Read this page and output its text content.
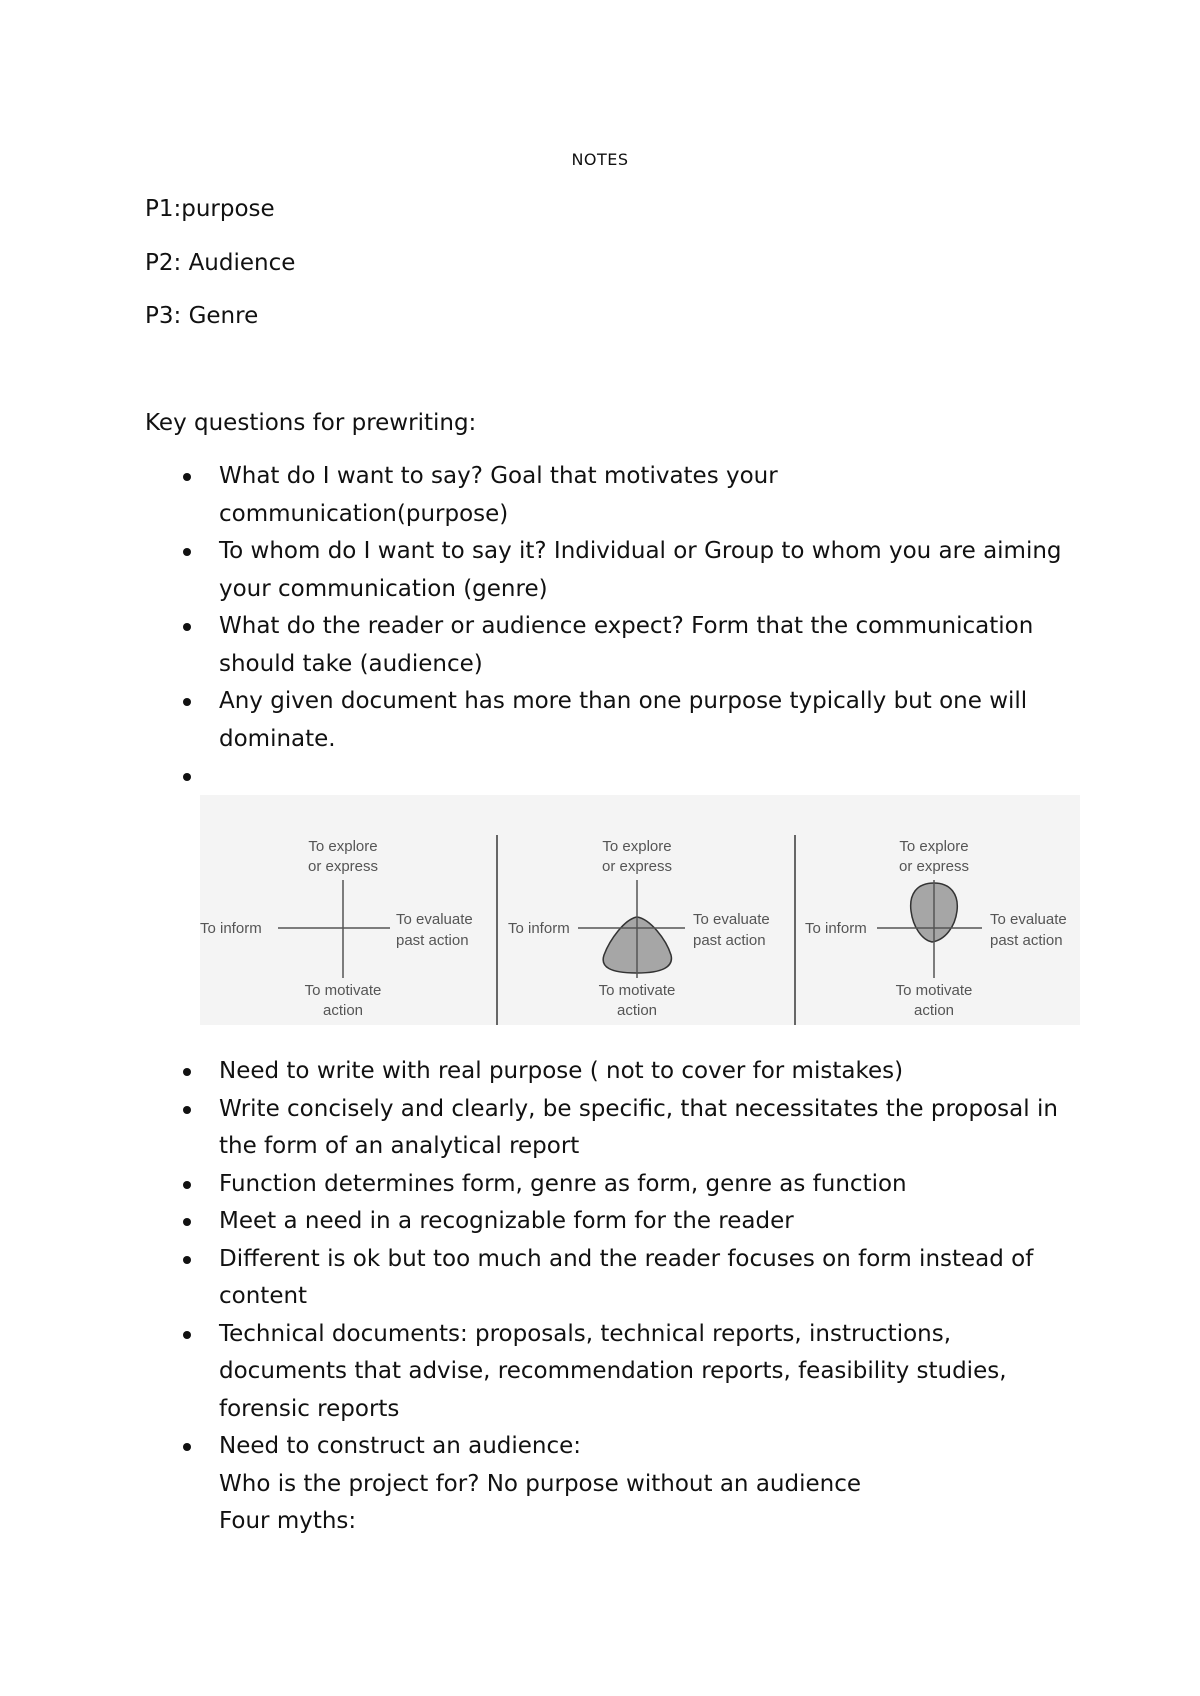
NOTES
P1:purpose
P2: Audience
P3: Genre
Key questions for prewriting:
What do I want to say? Goal that motivates your communication(purpose)
To whom do I want to say it? Individual or Group to whom you are aiming your communication (genre)
What do the reader or audience expect? Form that the communication should take (audience)
Any given document has more than one purpose typically but one will dominate.
To explore
or express
To inform
To evaluate
past action
To motivate
action
To explore
or express
To inform
To evaluate
past action
To motivate
action
To explore
or express
To inform
To evaluate
past action
To motivate
action
Need to write with real purpose ( not to cover for mistakes)
Write concisely and clearly, be specific, that necessitates the proposal in the form of an analytical report
Function determines form, genre as form, genre as function
Meet a need in a recognizable form for the reader
Different is ok but too much and the reader focuses on form instead of content
Technical documents: proposals, technical reports, instructions, documents that advise, recommendation reports, feasibility studies, forensic reports
Need to construct an audience:
Who is the project for? No purpose without an audience
Four myths:
